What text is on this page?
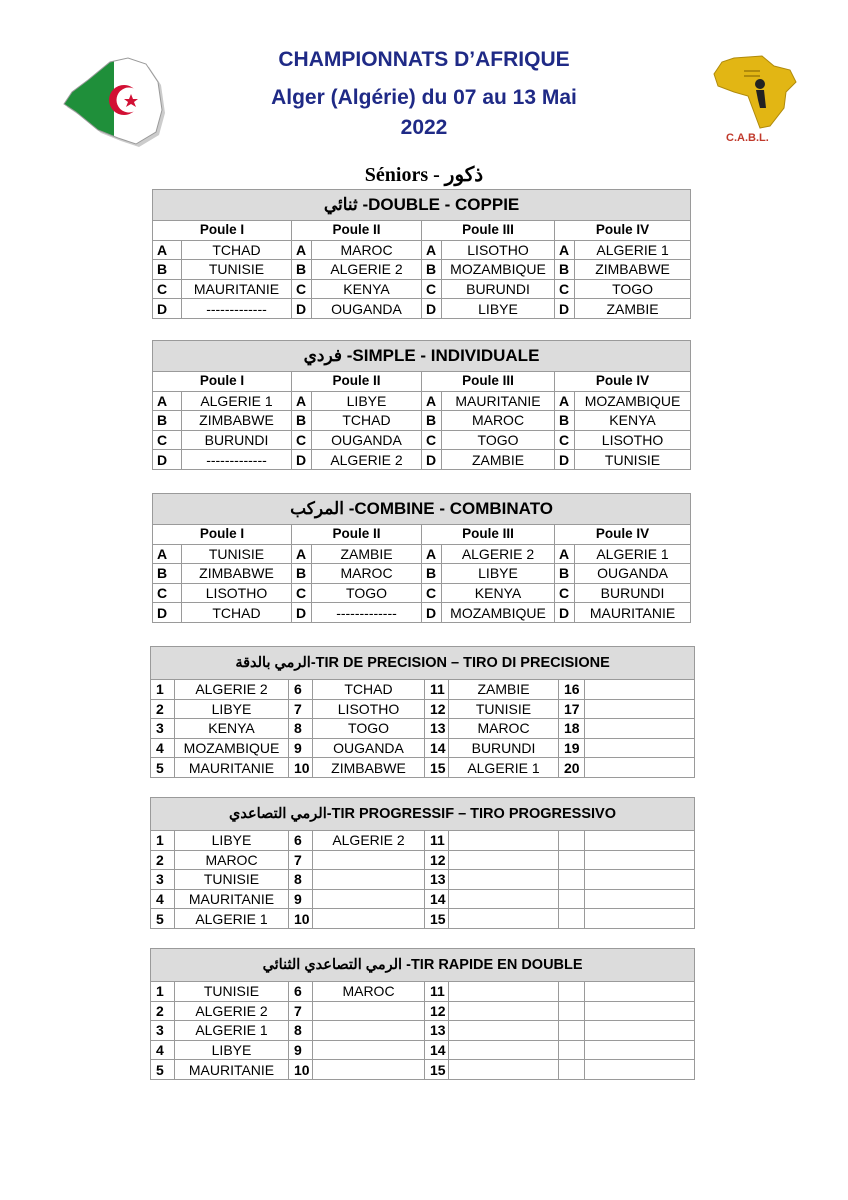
CHAMPIONNATS D’AFRIQUE
Alger (Algérie) du 07 au 13 Mai
2022	C.A.B.L.
Séniors - ذكور
ثنائي -DOUBLE - COPPIE							
Poule I		Poule II		Poule III		Poule IV	
A	TCHAD	A	MAROC	A	LISOTHO	A	ALGERIE 1
B	TUNISIE	B	ALGERIE 2	B	MOZAMBIQUE	B	ZIMBABWE
C	MAURITANIE	C	KENYA	C	BURUNDI	C	TOGO
D	-------------	D	OUGANDA	D	LIBYE	D	ZAMBIE
فردي -SIMPLE - INDIVIDUALE							
Poule I		Poule II		Poule III		Poule IV	
A	ALGERIE 1	A	LIBYE	A	MAURITANIE	A	MOZAMBIQUE
B	ZIMBABWE	B	TCHAD	B	MAROC	B	KENYA
C	BURUNDI	C	OUGANDA	C	TOGO	C	LISOTHO
D	-------------	D	ALGERIE 2	D	ZAMBIE	D	TUNISIE
المركب -COMBINE - COMBINATO							
Poule I		Poule II		Poule III		Poule IV	
A	TUNISIE	A	ZAMBIE	A	ALGERIE 2	A	ALGERIE 1
B	ZIMBABWE	B	MAROC	B	LIBYE	B	OUGANDA
C	LISOTHO	C	TOGO	C	KENYA	C	BURUNDI
D	TCHAD	D	-------------	D	MOZAMBIQUE	D	MAURITANIE
الرمي بالدقة-TIR DE PRECISION – TIRO DI PRECISIONE							
1	ALGERIE 2	6	TCHAD	11	ZAMBIE	16	
2	LIBYE	7	LISOTHO	12	TUNISIE	17	
3	KENYA	8	TOGO	13	MAROC	18	
4	MOZAMBIQUE	9	OUGANDA	14	BURUNDI	19	
5	MAURITANIE	10	ZIMBABWE	15	ALGERIE 1	20	
الرمي التصاعدي-TIR PROGRESSIF – TIRO PROGRESSIVO							
1	LIBYE	6	ALGERIE 2	11			
2	MAROC	7		12			
3	TUNISIE	8		13			
4	MAURITANIE	9		14			
5	ALGERIE 1	10		15			
الرمي التصاعدي الثنائي -TIR RAPIDE EN DOUBLE							
1	TUNISIE	6	MAROC	11			
2	ALGERIE 2	7		12			
3	ALGERIE 1	8		13			
4	LIBYE	9		14			
5	MAURITANIE	10		15			
